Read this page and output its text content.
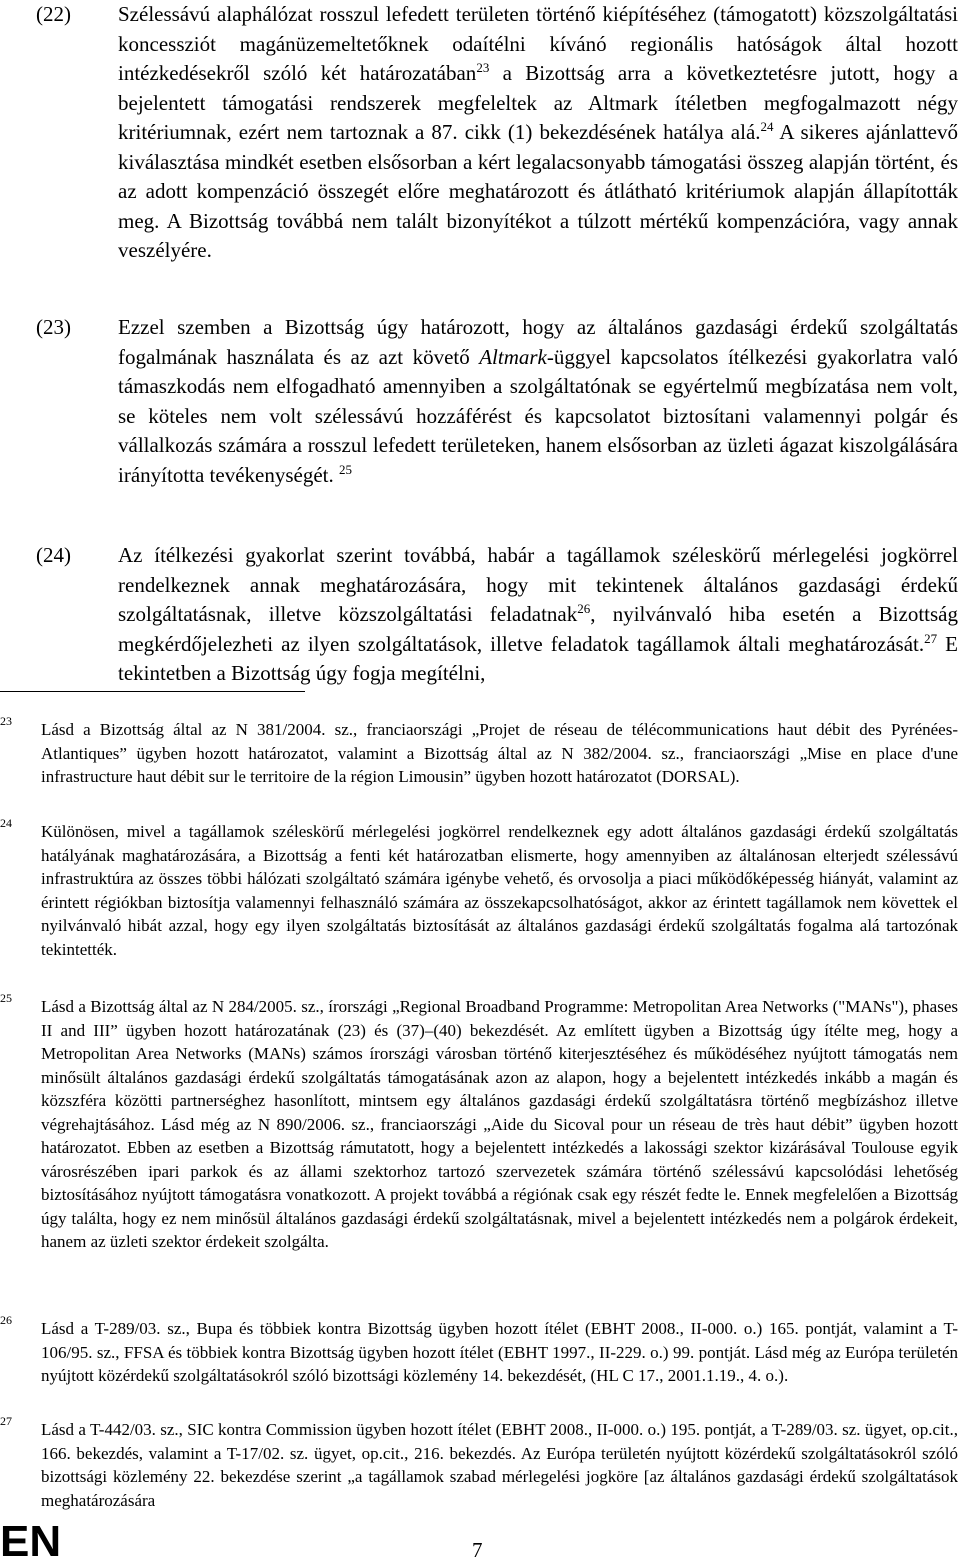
(22) Szélessávú alaphálózat rosszul lefedett területen történő kiépítéséhez (támogatott) közszolgáltatási koncessziót magánüzemeltetőknek odaítélni kívánó regionális hatóságok által hozott intézkedésekről szóló két határozatában$^{23}$ a Bizottság arra a következtetésre jutott, hogy a bejelentett támogatási rendszerek megfeleltek az Altmark ítéletben megfogalmazott négy kritériumnak, ezért nem tartoznak a 87. cikk (1) bekezdésének hatálya alá.$^{24}$ A sikeres ajánlattevő kiválasztása mindkét esetben elsősorban a kért legalacsonyabb támogatási összeg alapján történt, és az adott kompenzáció összegét előre meghatározott és átlátható kritériumok alapján állapították meg. A Bizottság továbbá nem talált bizonyítékot a túlzott mértékű kompenzációra, vagy annak veszélyére.
(23) Ezzel szemben a Bizottság úgy határozott, hogy az általános gazdasági érdekű szolgáltatás fogalmának használata és az azt követő Altmark-üggyel kapcsolatos ítélkezési gyakorlatra való támaszkodás nem elfogadható amennyiben a szolgáltatónak se egyértelmű megbízatása nem volt, se köteles nem volt szélessávú hozzáférést és kapcsolatot biztosítani valamennyi polgár és vállalkozás számára a rosszul lefedett területeken, hanem elsősorban az üzleti ágazat kiszolgálására irányította tevékenységét. $^{25}$
(24) Az ítélkezési gyakorlat szerint továbbá, habár a tagállamok széleskörű mérlegelési jogkörrel rendelkeznek annak meghatározására, hogy mit tekintenek általános gazdasági érdekű szolgáltatásnak, illetve közszolgáltatási feladatnak$^{26}$, nyilvánvaló hiba esetén a Bizottság megkérdőjelezheti az ilyen szolgáltatások, illetve feladatok tagállamok általi meghatározását.$^{27}$ E tekintetben a Bizottság úgy fogja megítélni,
23 Lásd a Bizottság által az N 381/2004. sz., franciaországi „Projet de réseau de télécommunications haut débit des Pyrénées-Atlantiques” ügyben hozott határozatot, valamint a Bizottság által az N 382/2004. sz., franciaországi „Mise en place d'une infrastructure haut débit sur le territoire de la région Limousin” ügyben hozott határozatot (DORSAL).
24 Különösen, mivel a tagállamok széleskörű mérlegelési jogkörrel rendelkeznek egy adott általános gazdasági érdekű szolgáltatás hatályának maghatározására, a Bizottság a fenti két határozatban elismerte, hogy amennyiben az általánosan elterjedt szélessávú infrastruktúra az összes többi hálózati szolgáltató számára igénybe vehető, és orvosolja a piaci működőképesség hiányát, valamint az érintett régiókban biztosítja valamennyi felhasználó számára az összekapcsolhatóságot, akkor az érintett tagállamok nem követtek el nyilvánvaló hibát azzal, hogy egy ilyen szolgáltatás biztosítását az általános gazdasági érdekű szolgáltatás fogalma alá tartozónak tekintették.
25 Lásd a Bizottság által az N 284/2005. sz., írországi „Regional Broadband Programme: Metropolitan Area Networks ("MANs"), phases II and III” ügyben hozott határozatának (23) és (37)–(40) bekezdését. Az említett ügyben a Bizottság úgy ítélte meg, hogy a Metropolitan Area Networks (MANs) számos írországi városban történő kiterjesztéséhez és működéséhez nyújtott támogatás nem minősült általános gazdasági érdekű szolgáltatás támogatásának azon az alapon, hogy a bejelentett intézkedés inkább a magán és közszféra közötti partnerséghez hasonlított, mintsem egy általános gazdasági érdekű szolgáltatásra történő megbízáshoz illetve végrehajtásához. Lásd még az N 890/2006. sz., franciaországi „Aide du Sicoval pour un réseau de très haut débit” ügyben hozott határozatot. Ebben az esetben a Bizottság rámutatott, hogy a bejelentett intézkedés a lakossági szektor kizárásával Toulouse egyik városrészében ipari parkok és az állami szektorhoz tartozó szervezetek számára történő szélessávú kapcsolódási lehetőség biztosításához nyújtott támogatásra vonatkozott. A projekt továbbá a régiónak csak egy részét fedte le. Ennek megfelelően a Bizottság úgy találta, hogy ez nem minősül általános gazdasági érdekű szolgáltatásnak, mivel a bejelentett intézkedés nem a polgárok érdekeit, hanem az üzleti szektor érdekeit szolgálta.
26 Lásd a T-289/03. sz., Bupa és többiek kontra Bizottság ügyben hozott ítélet (EBHT 2008., II-000. o.) 165. pontját, valamint a T-106/95. sz., FFSA és többiek kontra Bizottság ügyben hozott ítélet (EBHT 1997., II-229. o.) 99. pontját. Lásd még az Európa területén nyújtott közérdekű szolgáltatásokról szóló bizottsági közlemény 14. bekezdését, (HL C 17., 2001.1.19., 4. o.).
27 Lásd a T-442/03. sz., SIC kontra Commission ügyben hozott ítélet (EBHT 2008., II-000. o.) 195. pontját, a T-289/03. sz. ügyet, op.cit., 166. bekezdés, valamint a T-17/02. sz. ügyet, op.cit., 216. bekezdés. Az Európa területén nyújtott közérdekű szolgáltatásokról szóló bizottsági közlemény 22. bekezdése szerint „a tagállamok szabad mérlegelési jogköre [az általános gazdasági érdekű szolgáltatások meghatározására
EN	7
